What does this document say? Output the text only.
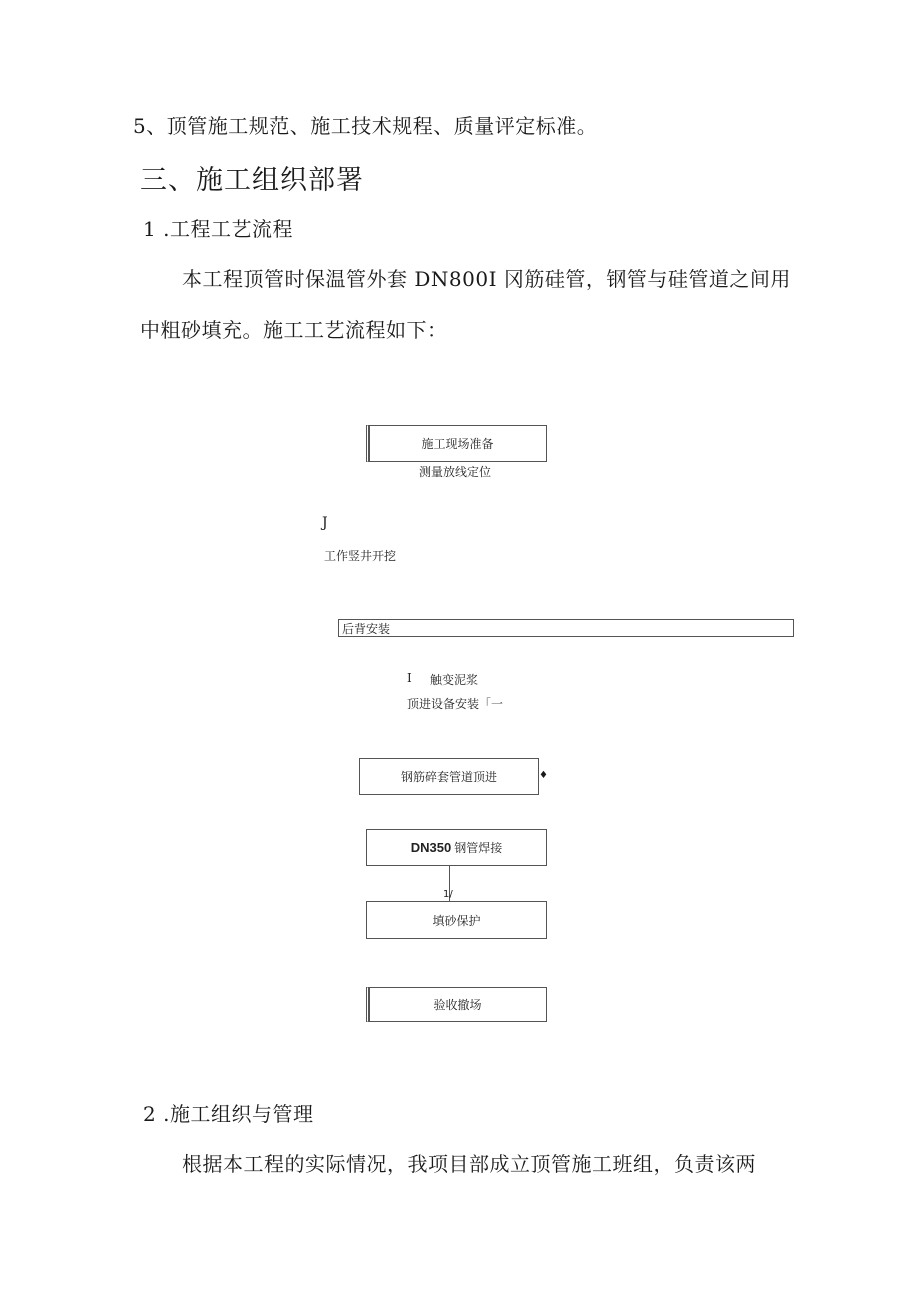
5、顶管施工规范、施工技术规程、质量评定标准。
三、施工组织部署
1 .工程工艺流程
本工程顶管时保温管外套 DN800I 冈筋硅管，钢管与硅管道之间用
中粗砂填充。施工工艺流程如下：
施工现场准备
测量放线定位
J
工作竖井开挖
后背安装
I 触变泥浆
顶进设备安装「一
钢筋碎套管道顶进	♦
DN350 钢管焊接
1/
填砂保护
验收撤场
2 .施工组织与管理
根据本工程的实际情况，我项目部成立顶管施工班组，负责该两
